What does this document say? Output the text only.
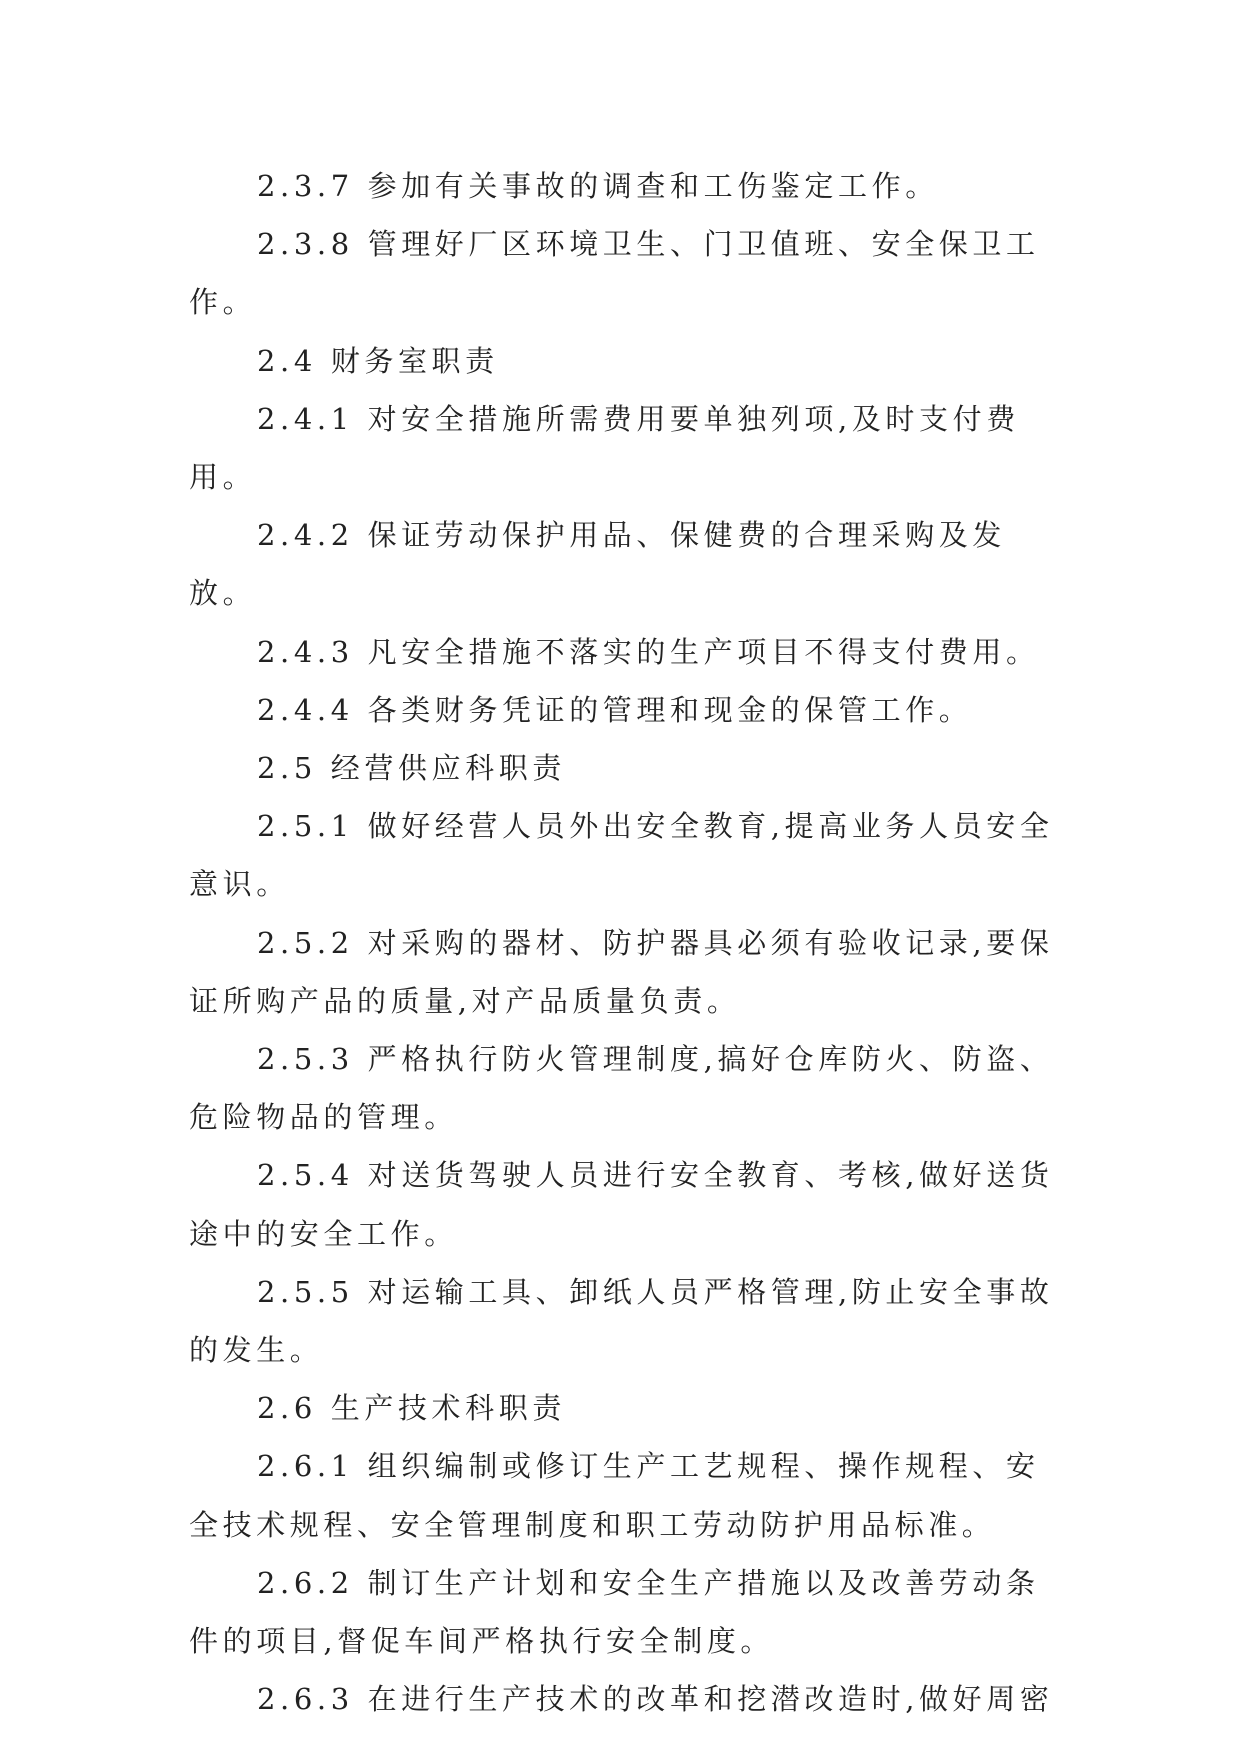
2.3.7 参加有关事故的调查和工伤鉴定工作。

2.3.8 管理好厂区环境卫生、门卫值班、安全保卫工作。

2.4 财务室职责

2.4.1 对安全措施所需费用要单独列项,及时支付费用。

2.4.2 保证劳动保护用品、保健费的合理采购及发放。

2.4.3 凡安全措施不落实的生产项目不得支付费用。

2.4.4 各类财务凭证的管理和现金的保管工作。

2.5 经营供应科职责

2.5.1 做好经营人员外出安全教育,提高业务人员安全意识。

2.5.2 对采购的器材、防护器具必须有验收记录,要保证所购产品的质量,对产品质量负责。

2.5.3 严格执行防火管理制度,搞好仓库防火、防盗、危险物品的管理。

2.5.4 对送货驾驶人员进行安全教育、考核,做好送货途中的安全工作。

2.5.5 对运输工具、卸纸人员严格管理,防止安全事故的发生。

2.6 生产技术科职责

2.6.1 组织编制或修订生产工艺规程、操作规程、安全技术规程、安全管理制度和职工劳动防护用品标准。

2.6.2 制订生产计划和安全生产措施以及改善劳动条件的项目,督促车间严格执行安全制度。

2.6.3 在进行生产技术的改革和挖潜改造时,做好周密
